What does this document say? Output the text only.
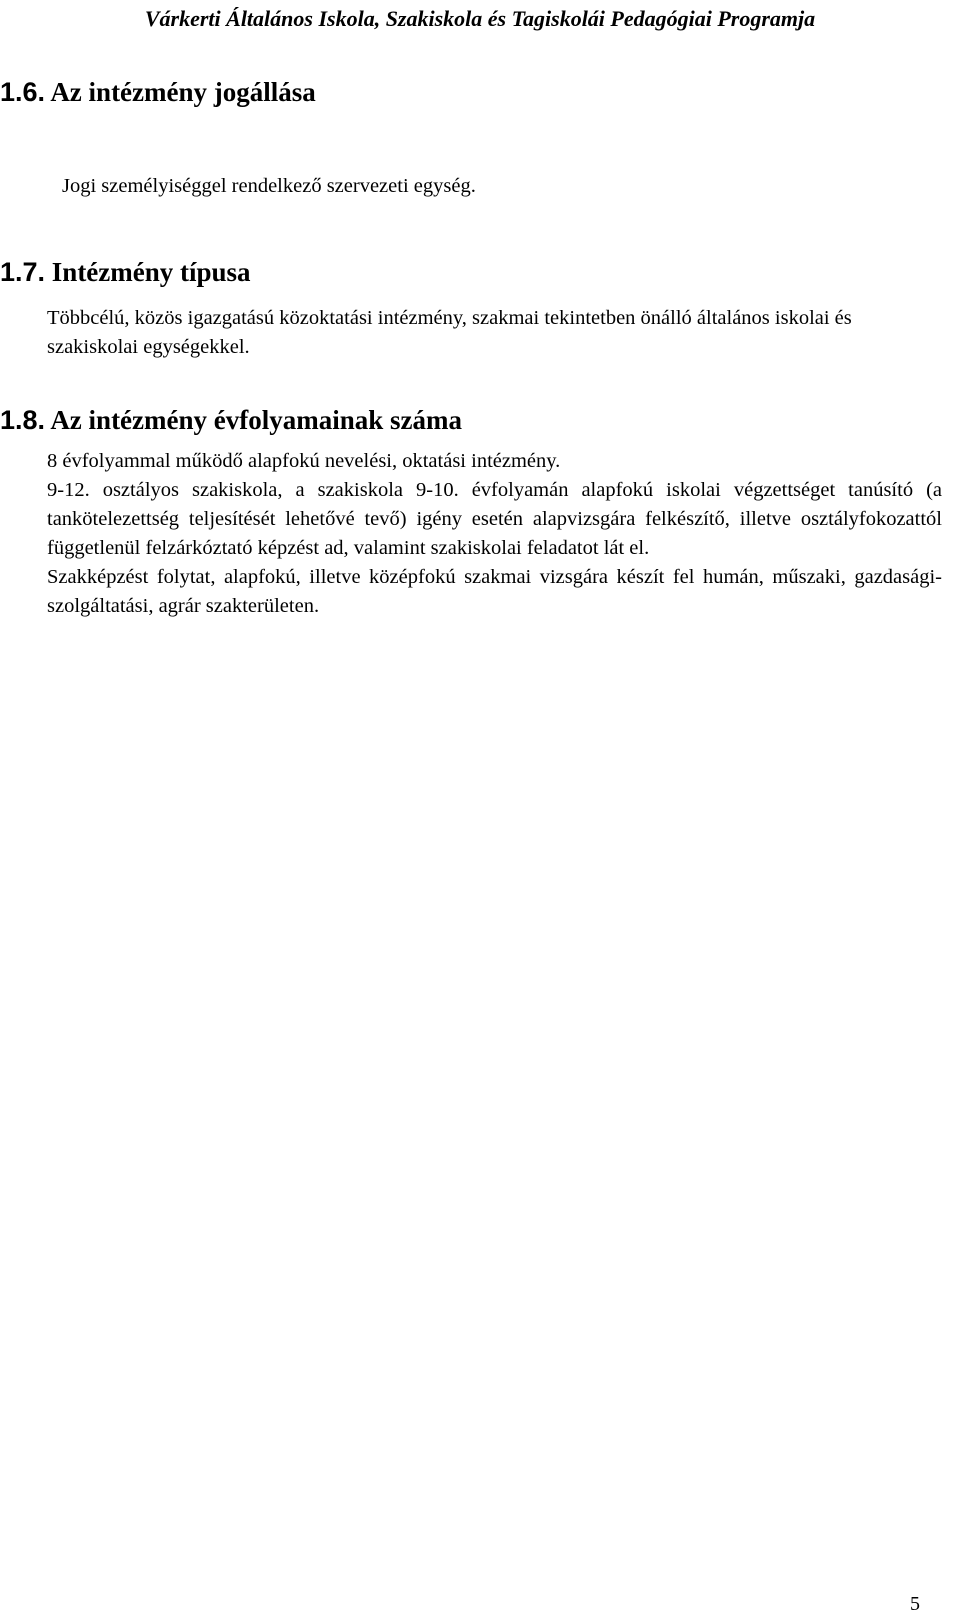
Várkerti Általános Iskola, Szakiskola és Tagiskolái Pedagógiai Programja
1.6. Az intézmény jogállása

Jogi személyiséggel rendelkező szervezeti egység.

1.7. Intézmény típusa

Többcélú, közös igazgatású közoktatási intézmény, szakmai tekintetben önálló általános iskolai és szakiskolai egységekkel.

1.8. Az intézmény évfolyamainak száma
8 évfolyammal működő alapfokú nevelési, oktatási intézmény.
9-12. osztályos szakiskola, a szakiskola 9-10. évfolyamán alapfokú iskolai végzettséget tanúsító (a tankötelezettség teljesítését lehetővé tevő) igény esetén alapvizsgára felkészítő, illetve osztályfokozattól függetlenül felzárkóztató képzést ad, valamint szakiskolai feladatot lát el.
Szakképzést folytat, alapfokú, illetve középfokú szakmai vizsgára készít fel humán, műszaki, gazdasági-szolgáltatási, agrár szakterületen.
5
